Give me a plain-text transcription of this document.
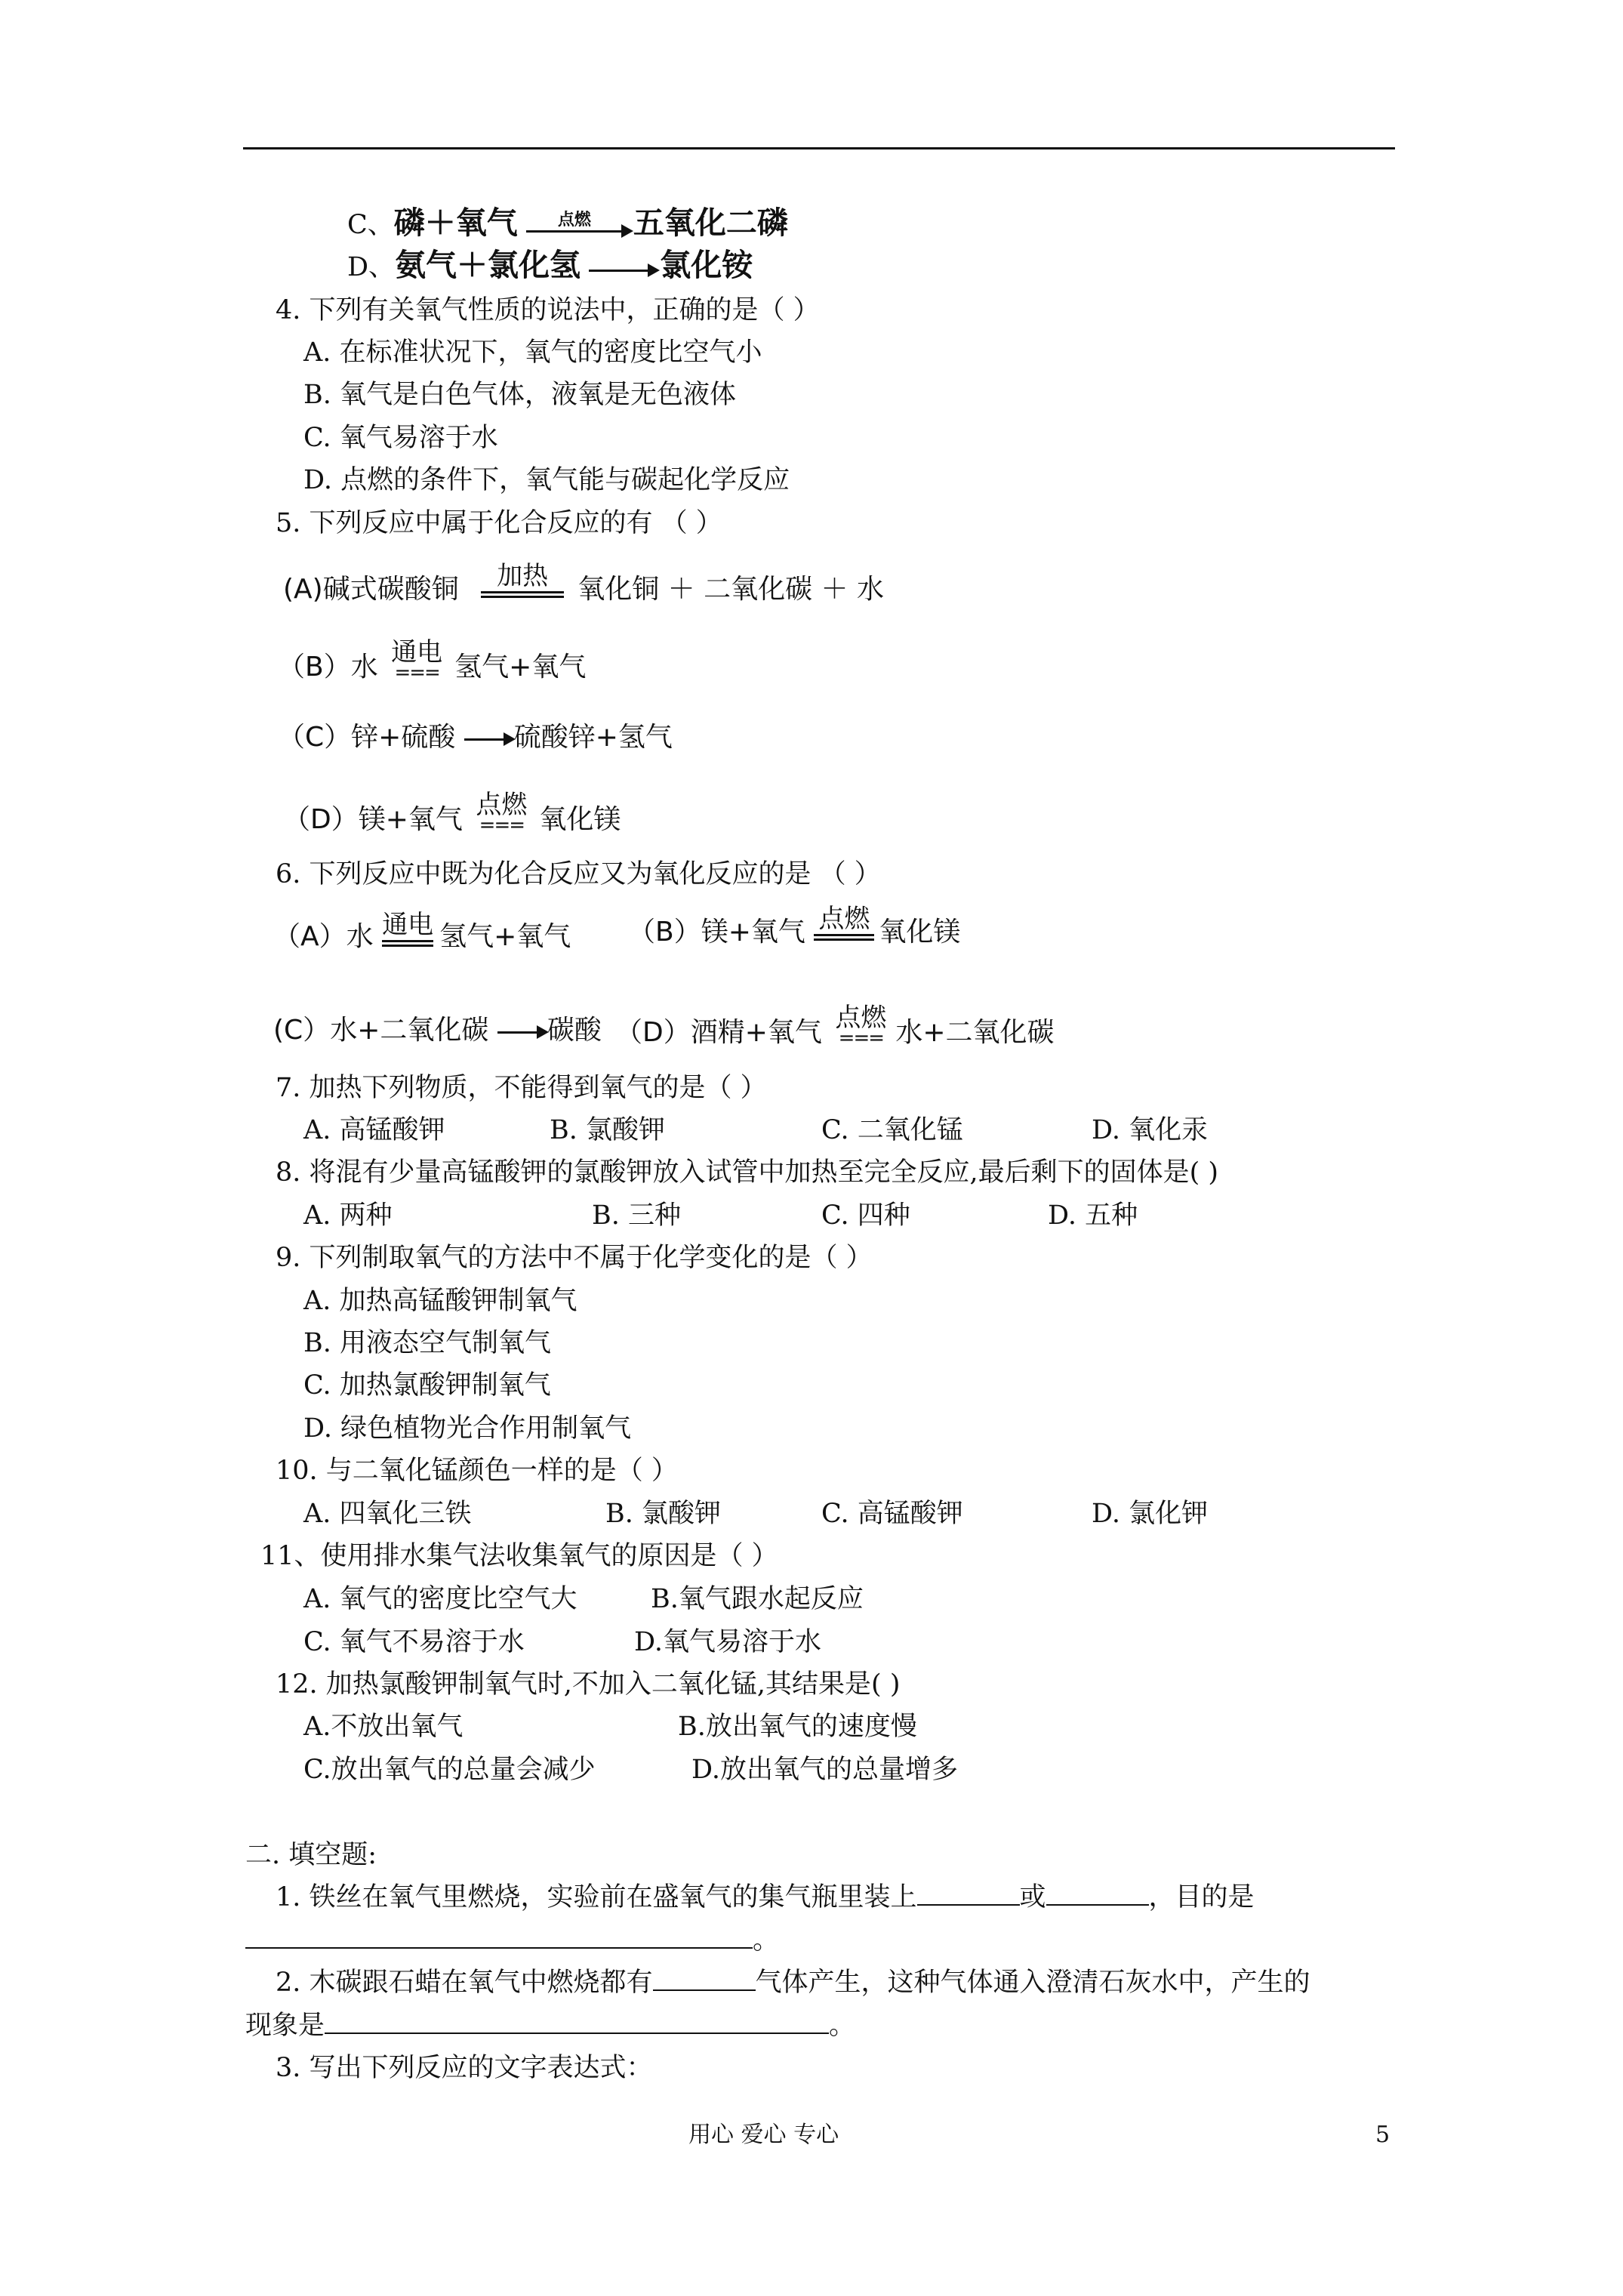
C、磷＋氧气	点燃	五氧化二磷
D、氨气＋氯化氢 → 氯化铵
4. 下列有关氧气性质的说法中，正确的是（ ）
A. 在标准状况下，氧气的密度比空气小
B. 氧气是白色气体，液氧是无色液体
C. 氧气易溶于水
D. 点燃的条件下，氧气能与碳起化学反应
5. 下列反应中属于化合反应的有 （ ）
(A)碱式碳酸铜	加热	氧化铜 ＋ 二氧化碳 ＋ 水
（B）水 通电
=== 氢气+氧气
（C）锌+硫酸 → 硫酸锌+氢气
（D）镁+氧气 点燃
=== 氧化镁
6. 下列反应中既为化合反应又为氧化反应的是 （ ）
（A）水 通电 氢气+氧气 （B）镁+氧气 点燃 氧化镁
(C）水+二氧化碳 → 碳酸 （D）酒精+氧气 点燃
=== 水+二氧化碳
7. 加热下列物质，不能得到氧气的是（ ）
A. 高锰酸钾	B. 氯酸钾	C. 二氧化锰	D. 氧化汞
8. 将混有少量高锰酸钾的氯酸钾放入试管中加热至完全反应,最后剩下的固体是( )
A. 两种	B. 三种	C. 四种	D. 五种
9. 下列制取氧气的方法中不属于化学变化的是（ ）
A. 加热高锰酸钾制氧气
B. 用液态空气制氧气
C. 加热氯酸钾制氧气
D. 绿色植物光合作用制氧气
10. 与二氧化锰颜色一样的是（ ）
A. 四氧化三铁	B. 氯酸钾	C. 高锰酸钾	D. 氯化钾
11、使用排水集气法收集氧气的原因是（ ）
A. 氧气的密度比空气大	B.氧气跟水起反应
C. 氧气不易溶于水	D.氧气易溶于水
12. 加热氯酸钾制氧气时,不加入二氧化锰,其结果是( )
A.不放出氧气	B.放出氧气的速度慢
C.放出氧气的总量会减少	D.放出氧气的总量增多
二. 填空题:
1. 铁丝在氧气里燃烧，实验前在盛氧气的集气瓶里装上	或	，目的是
。
2. 木碳跟石蜡在氧气中燃烧都有	气体产生，这种气体通入澄清石灰水中，产生的
现象是	。
3. 写出下列反应的文字表达式：
用心 爱心 专心	5
